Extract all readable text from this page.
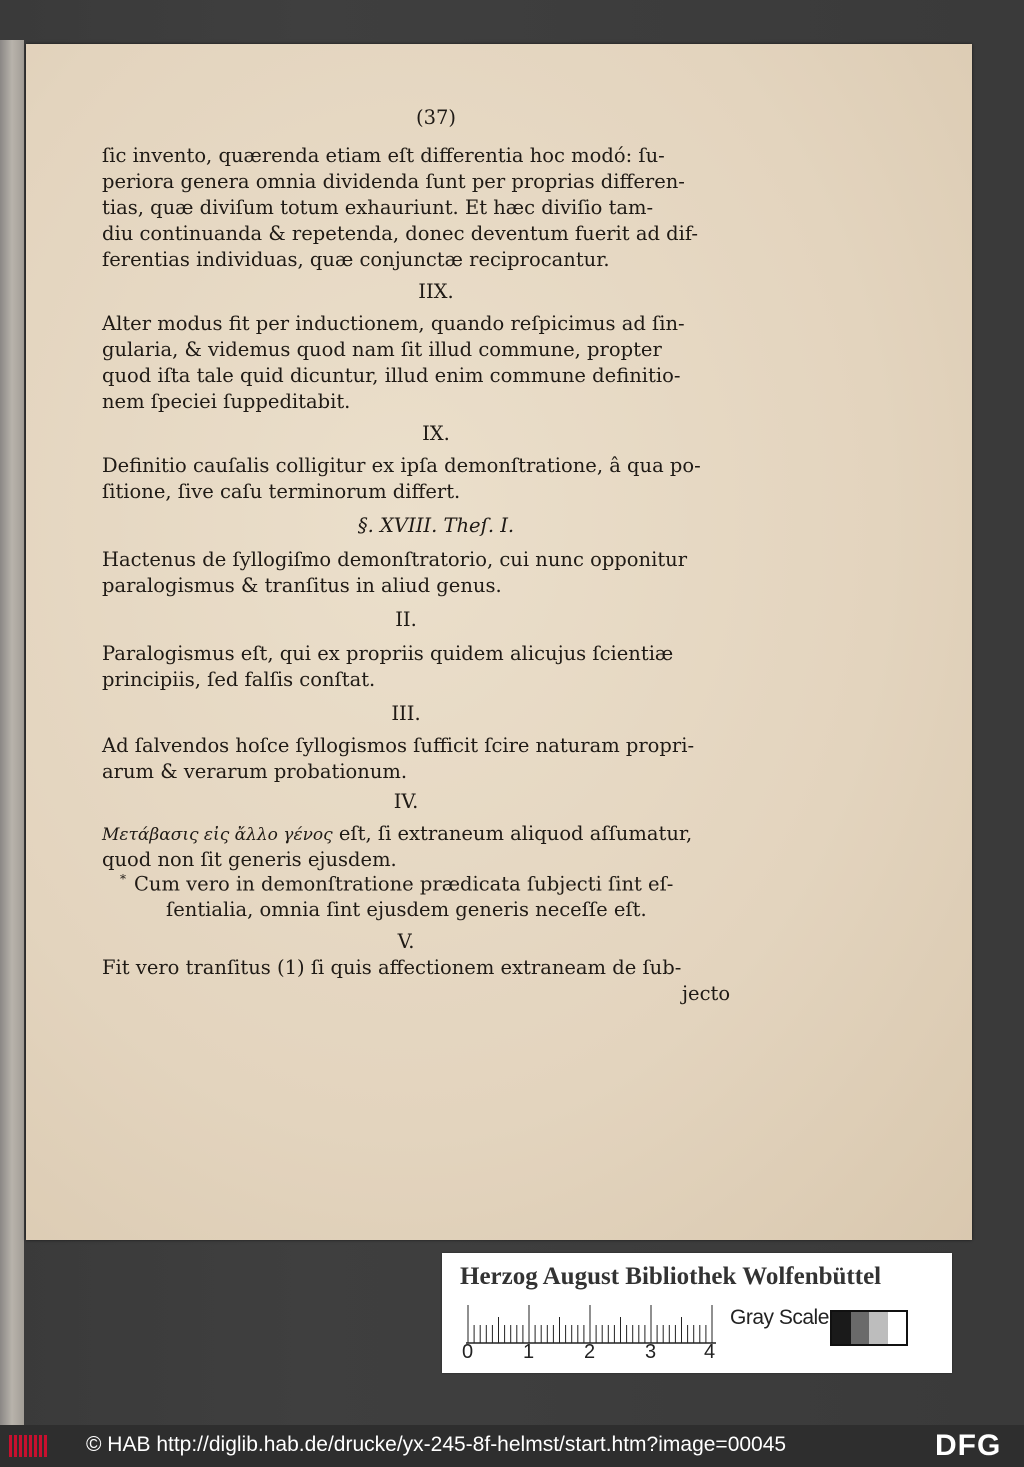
(37)
ſic invento, quærenda etiam eſt differentia hoc modó: ſu-
periora genera omnia dividenda ſunt per proprias differen-
tias, quæ diviſum totum exhauriunt. Et hæc diviſio tam-
diu continuanda & repetenda, donec deventum fuerit ad dif-
ferentias individuas, quæ conjunctæ reciprocantur.
IIX.
Alter modus fit per inductionem, quando reſpicimus ad ſin-
gularia, & videmus quod nam ſit illud commune, propter
quod iſta tale quid dicuntur, illud enim commune definitio-
nem ſpeciei ſuppeditabit.
IX.
Definitio cauſalis colligitur ex ipſa demonſtratione, â qua po-
ſitione, ſive caſu terminorum differt.
§. XVIII. Theſ. I.
Hactenus de ſyllogiſmo demonſtratorio, cui nunc opponitur
paralogismus & tranſitus in aliud genus.
II.
Paralogismus eſt, qui ex propriis quidem alicujus ſcientiæ
principiis, ſed falſis conſtat.
III.
Ad ſalvendos hoſce ſyllogismos ſufficit ſcire naturam propri-
arum & verarum probationum.
IV.
Μετάβασις εἰς ἄλλο γένος eſt, ſi extraneum aliquod aſſumatur,
quod non ſit generis ejusdem.
* Cum vero in demonſtratione prædicata ſubjecti ſint eſ-
ſentialia, omnia ſint ejusdem generis neceſſe eſt.
V.
Fit vero tranſitus (1) ſi quis affectionem extraneam de ſub-
jecto
Herzog August Bibliothek Wolfenbüttel
0 1 2 3 4
Gray Scale
© HAB http://diglib.hab.de/drucke/yx-245-8f-helmst/start.htm?image=00045	DFG
